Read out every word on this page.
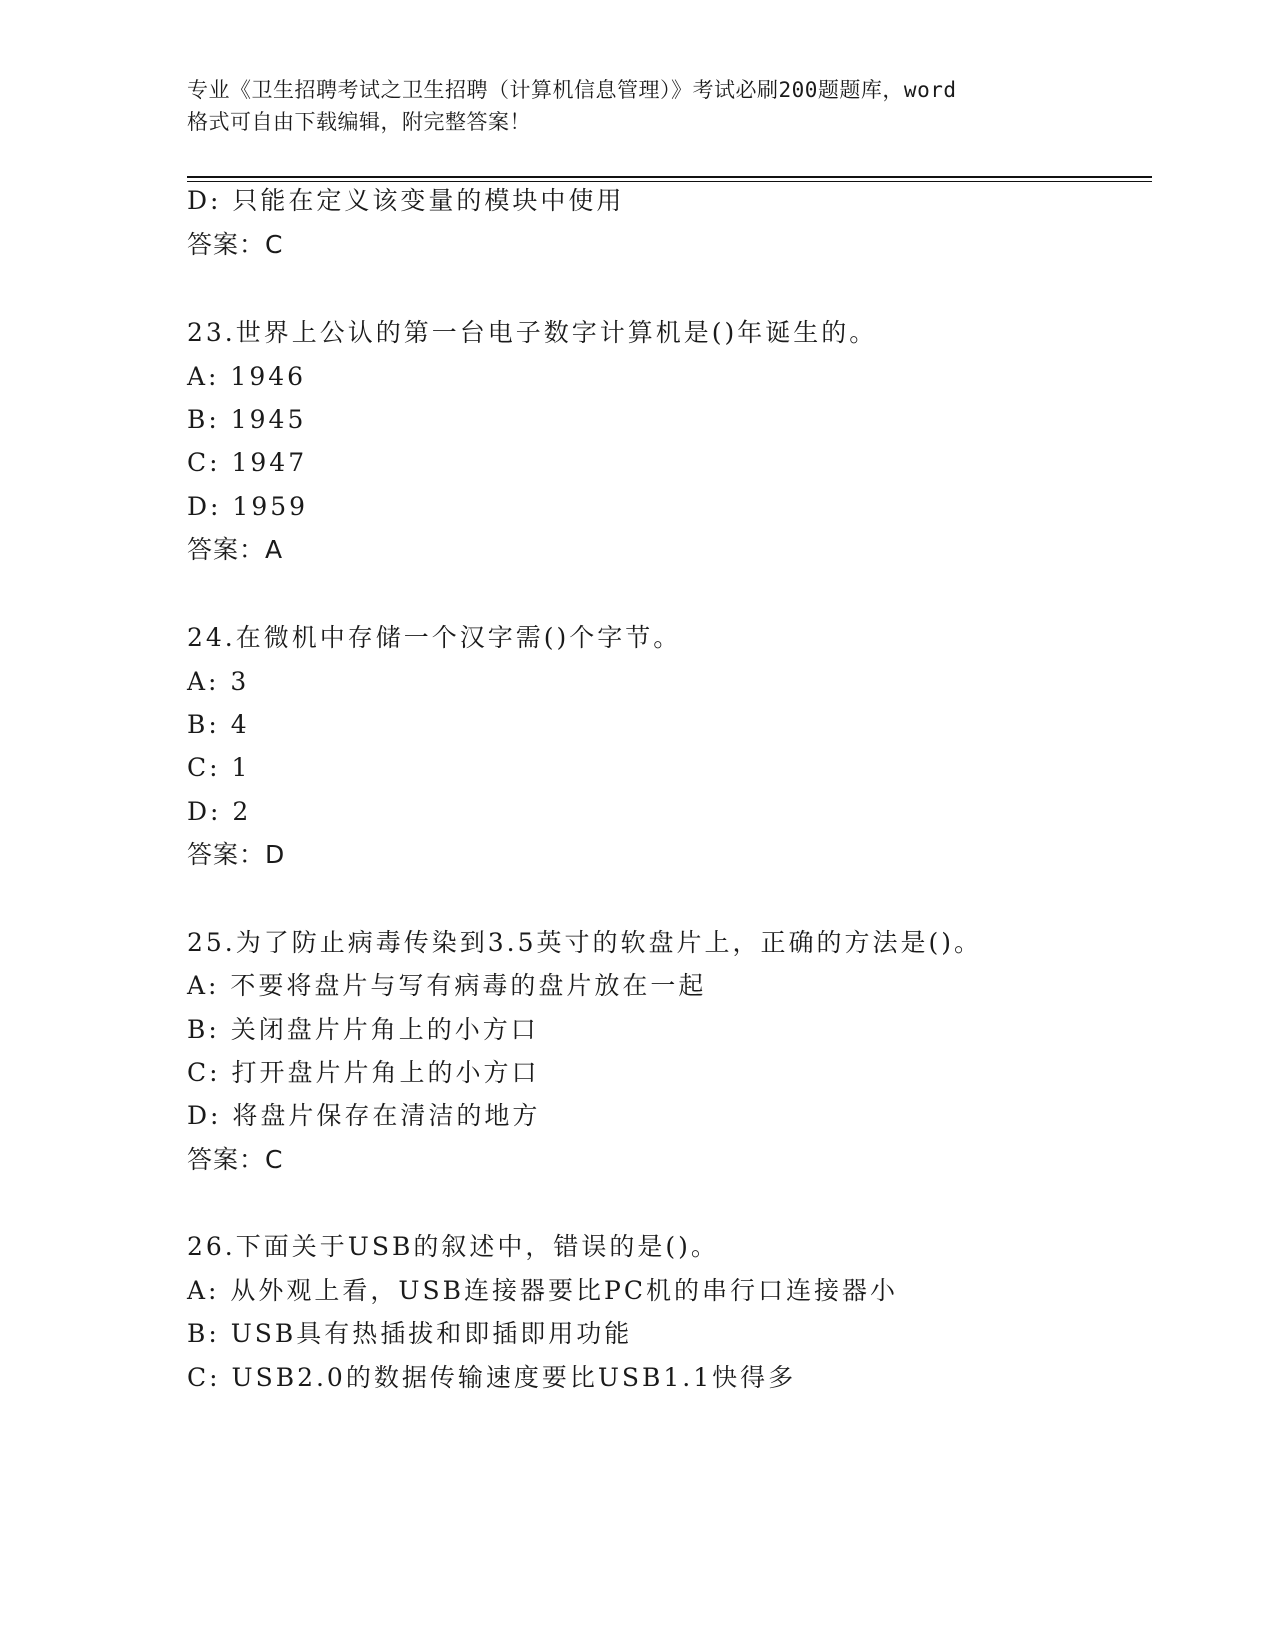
专业《卫生招聘考试之卫生招聘（计算机信息管理）》考试必刷200题题库，word
格式可自由下载编辑，附完整答案！
D: 只能在定义该变量的模块中使用
答案：C
23.世界上公认的第一台电子数字计算机是()年诞生的。
A: 1946
B: 1945
C: 1947
D: 1959
答案：A
24.在微机中存储一个汉字需()个字节。
A: 3
B: 4
C: 1
D: 2
答案：D
25.为了防止病毒传染到3.5英寸的软盘片上，正确的方法是()。
A: 不要将盘片与写有病毒的盘片放在一起
B: 关闭盘片片角上的小方口
C: 打开盘片片角上的小方口
D: 将盘片保存在清洁的地方
答案：C
26.下面关于USB的叙述中，错误的是()。
A: 从外观上看，USB连接器要比PC机的串行口连接器小
B: USB具有热插拔和即插即用功能
C: USB2.0的数据传输速度要比USB1.1快得多
